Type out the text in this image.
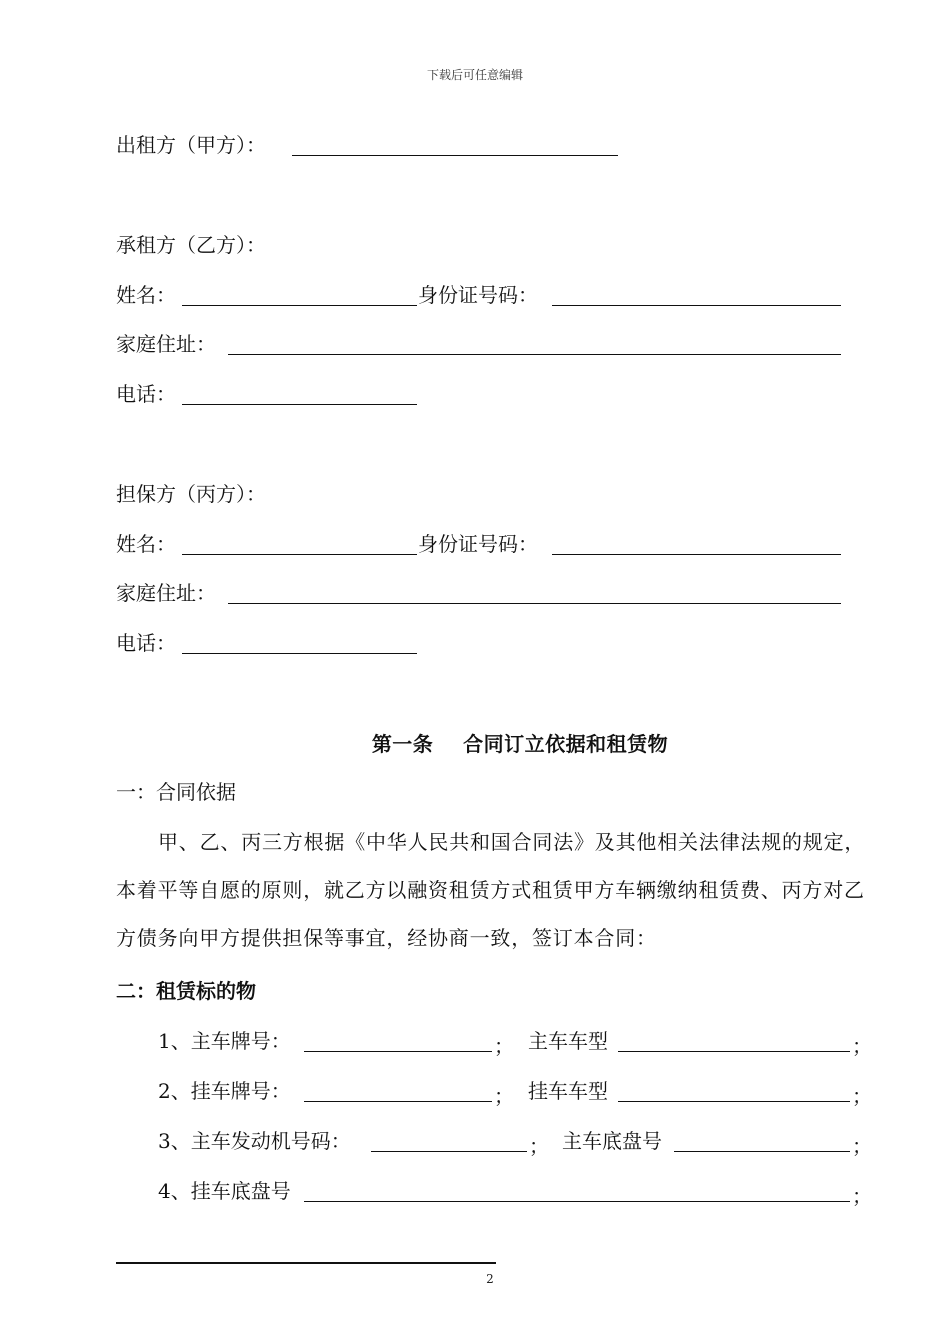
下载后可任意编辑
出租方（甲方）：
承租方（乙方）：
姓名：	身份证号码：
家庭住址：
电话：
担保方（丙方）：
姓名：	身份证号码：
家庭住址：
电话：
第一条    合同订立依据和租赁物
一：合同依据
甲、乙、丙三方根据《中华人民共和国合同法》及其他相关法律法规的规定，本着平等自愿的原则，就乙方以融资租赁方式租赁甲方车辆缴纳租赁费、丙方对乙方债务向甲方提供担保等事宜，经协商一致，签订本合同：
二：租赁标的物
1、主车牌号：	； 主车车型	；
2、挂车牌号：	； 挂车车型	；
3、主车发动机号码：	； 主车底盘号	；
4、挂车底盘号	；
2
